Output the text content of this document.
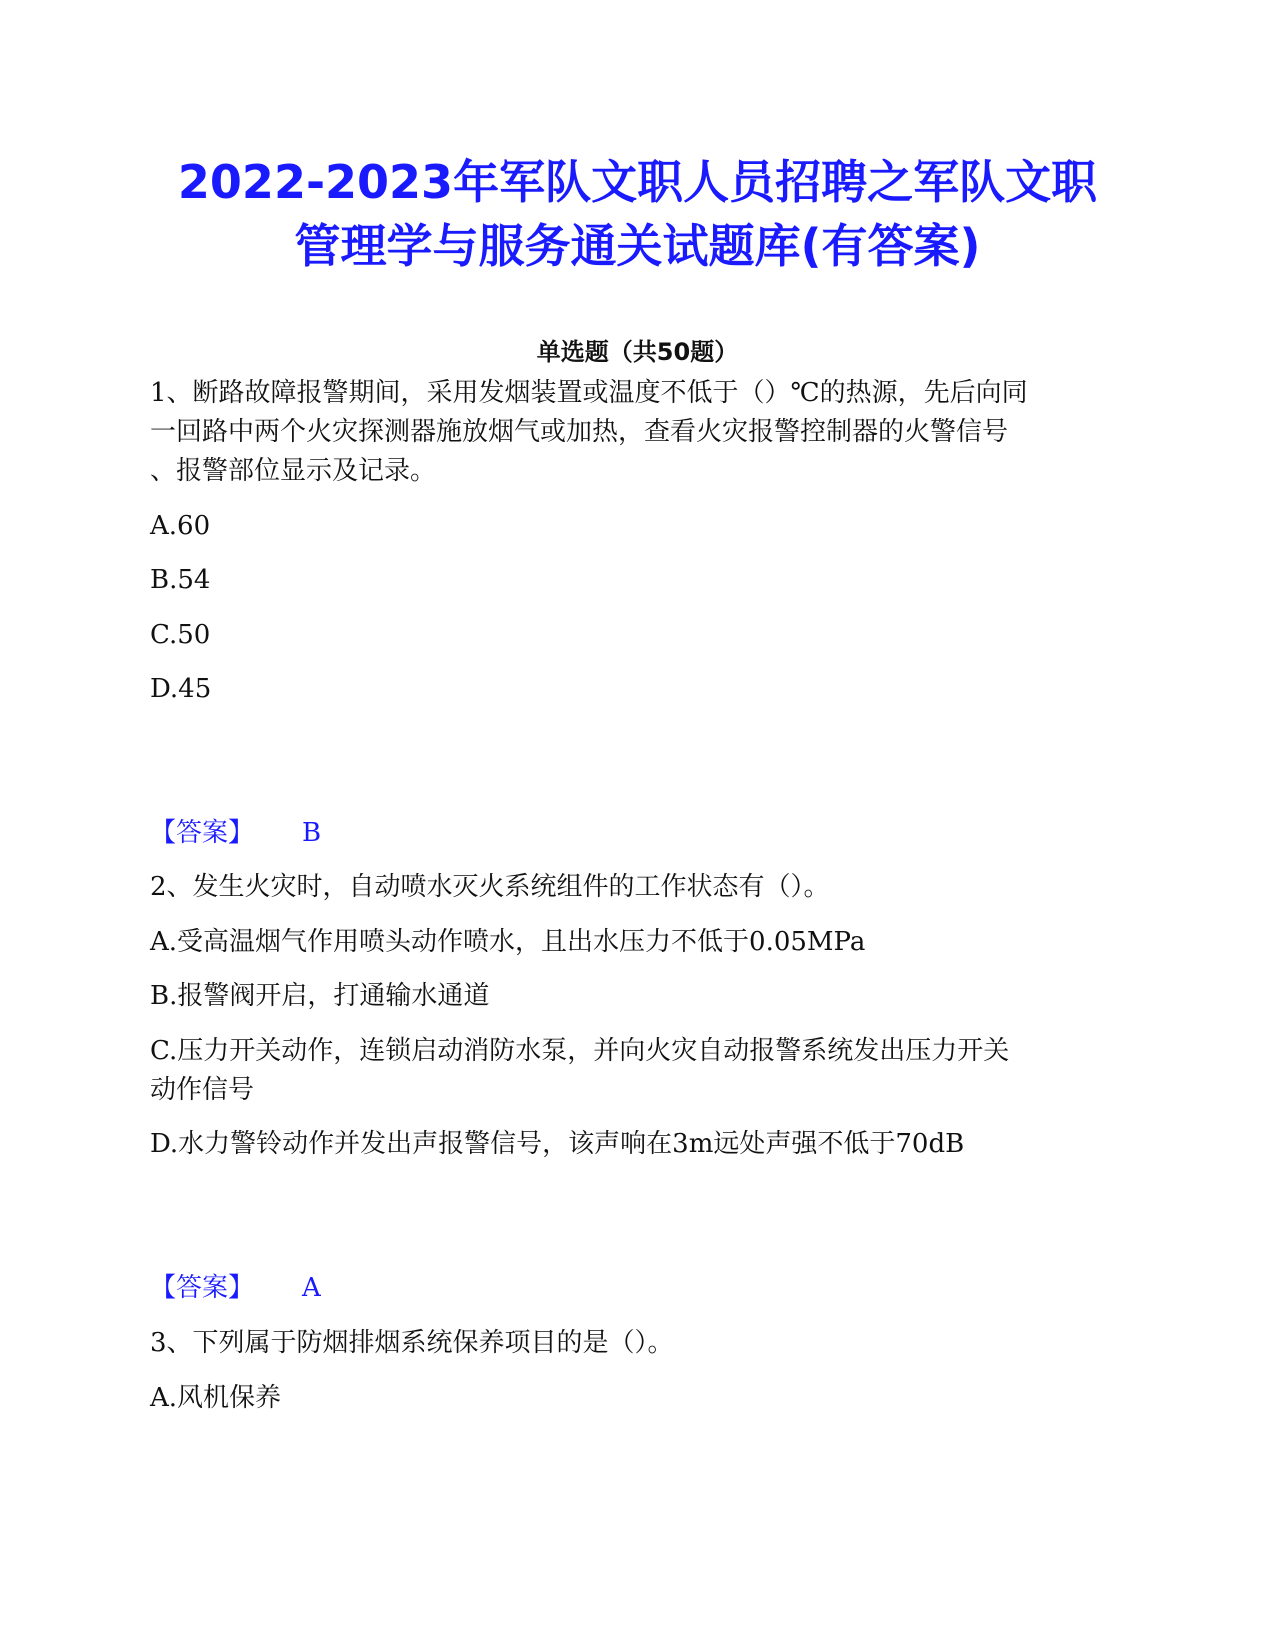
2022-2023年军队文职人员招聘之军队文职
管理学与服务通关试题库(有答案)
单选题（共50题）
1、断路故障报警期间，采用发烟装置或温度不低于（）℃的热源，先后向同
一回路中两个火灾探测器施放烟气或加热，查看火灾报警控制器的火警信号
、报警部位显示及记录。
A.60
B.54
C.50
D.45
【答案】 B
2、发生火灾时，自动喷水灭火系统组件的工作状态有（）。
A.受高温烟气作用喷头动作喷水，且出水压力不低于0.05MPa
B.报警阀开启，打通输水通道
C.压力开关动作，连锁启动消防水泵，并向火灾自动报警系统发出压力开关
动作信号
D.水力警铃动作并发出声报警信号，该声响在3m远处声强不低于70dB
【答案】 A
3、下列属于防烟排烟系统保养项目的是（）。
A.风机保养
